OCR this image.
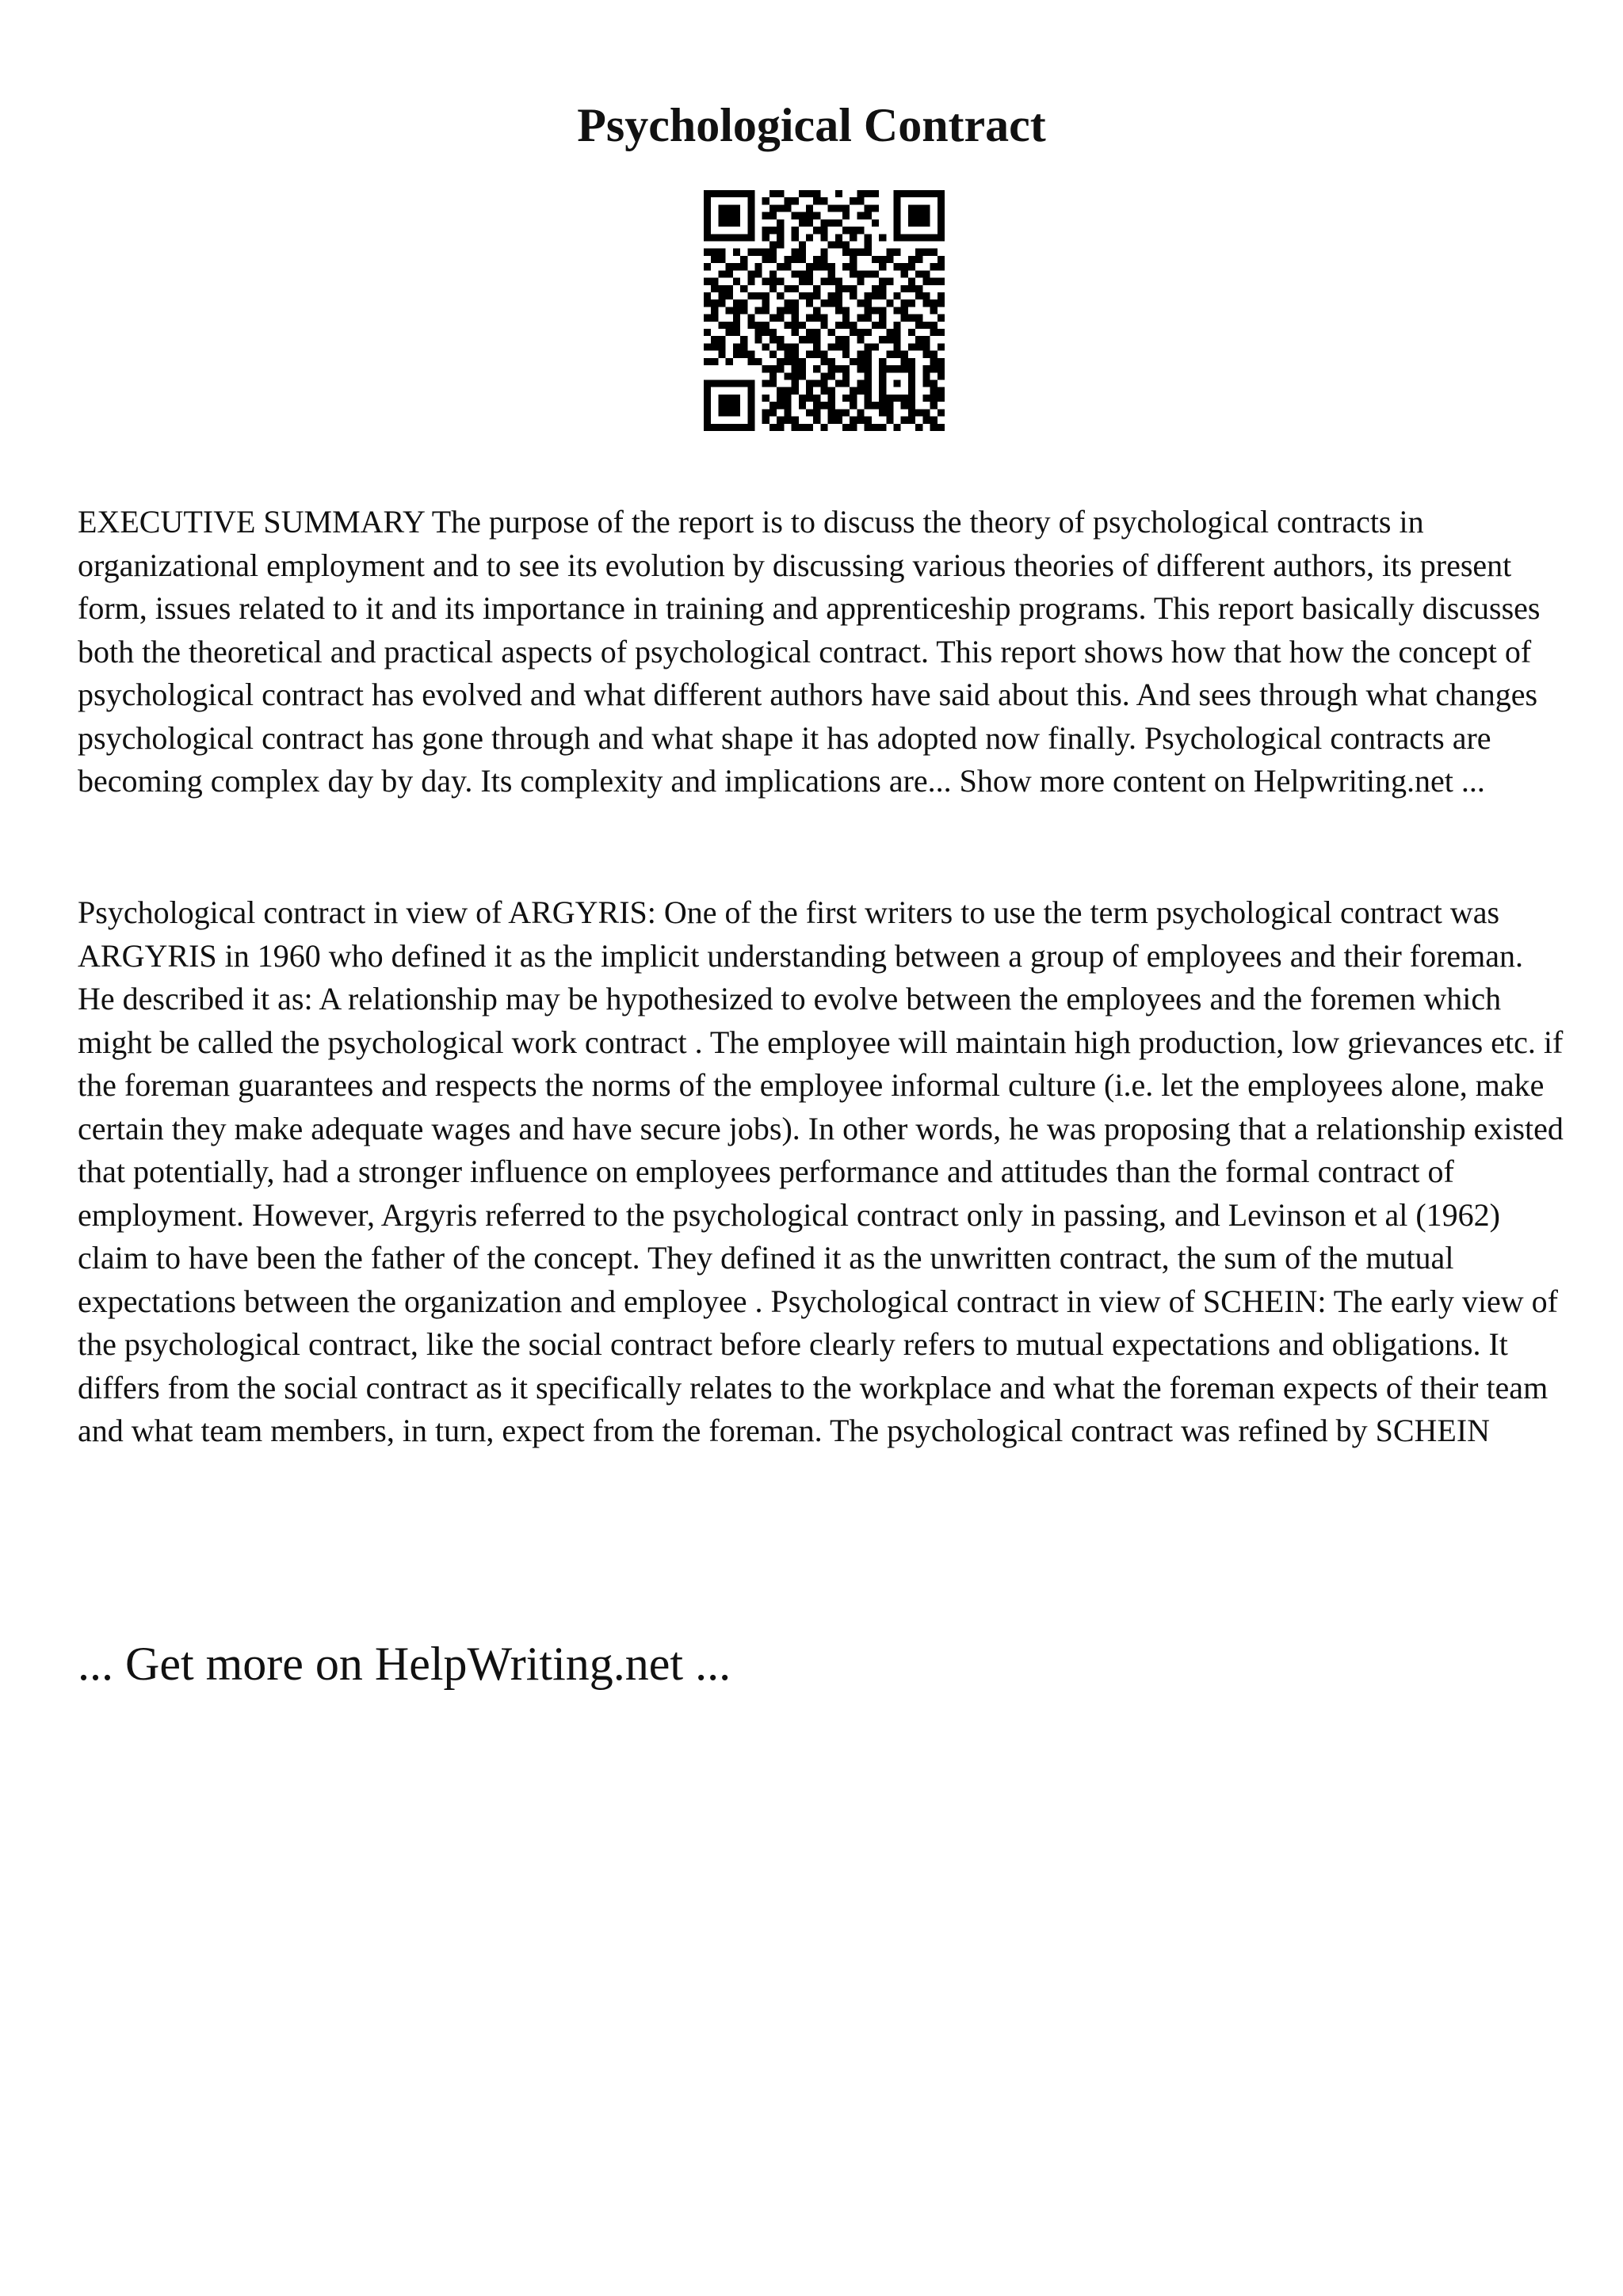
Psychological Contract

EXECUTIVE SUMMARY The purpose of the report is to discuss the theory of psychological contracts in organizational employment and to see its evolution by discussing various theories of different authors, its present form, issues related to it and its importance in training and apprenticeship programs. This report basically discusses both the theoretical and practical aspects of psychological contract. This report shows how that how the concept of psychological contract has evolved and what different authors have said about this. And sees through what changes psychological contract has gone through and what shape it has adopted now finally. Psychological contracts are becoming complex day by day. Its complexity and implications are... Show more content on Helpwriting.net ...

Psychological contract in view of ARGYRIS: One of the first writers to use the term psychological contract was ARGYRIS in 1960 who defined it as the implicit understanding between a group of employees and their foreman. He described it as: A relationship may be hypothesized to evolve between the employees and the foremen which might be called the psychological work contract . The employee will maintain high production, low grievances etc. if the foreman guarantees and respects the norms of the employee informal culture (i.e. let the employees alone, make certain they make adequate wages and have secure jobs). In other words, he was proposing that a relationship existed that potentially, had a stronger influence on employees performance and attitudes than the formal contract of employment. However, Argyris referred to the psychological contract only in passing, and Levinson et al (1962) claim to have been the father of the concept. They defined it as the unwritten contract, the sum of the mutual expectations between the organization and employee . Psychological contract in view of SCHEIN: The early view of the psychological contract, like the social contract before clearly refers to mutual expectations and obligations. It differs from the social contract as it specifically relates to the workplace and what the foreman expects of their team and what team members, in turn, expect from the foreman. The psychological contract was refined by SCHEIN

... Get more on HelpWriting.net ...
